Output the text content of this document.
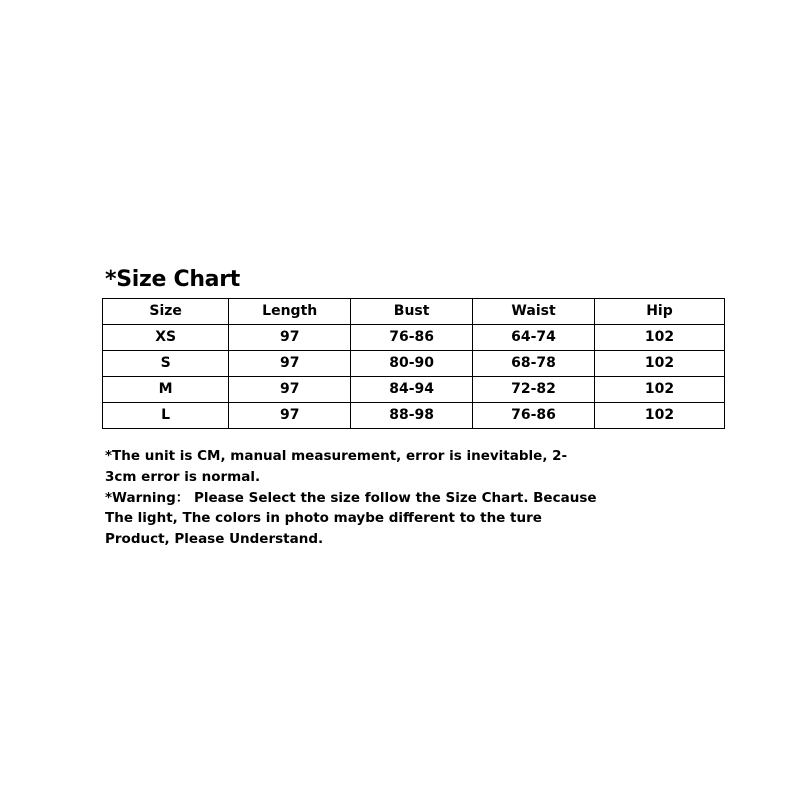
*Size Chart
Size	Length	Bust	Waist	Hip
XS	97	76-86	64-74	102
S	97	80-90	68-78	102
M	97	84-94	72-82	102
L	97	88-98	76-86	102

*The unit is CM, manual measurement, error is inevitable, 2-

3cm error is normal.

*Warning： Please Select the size follow the Size Chart. Because

The light, The colors in photo maybe different to the ture

Product, Please Understand.
